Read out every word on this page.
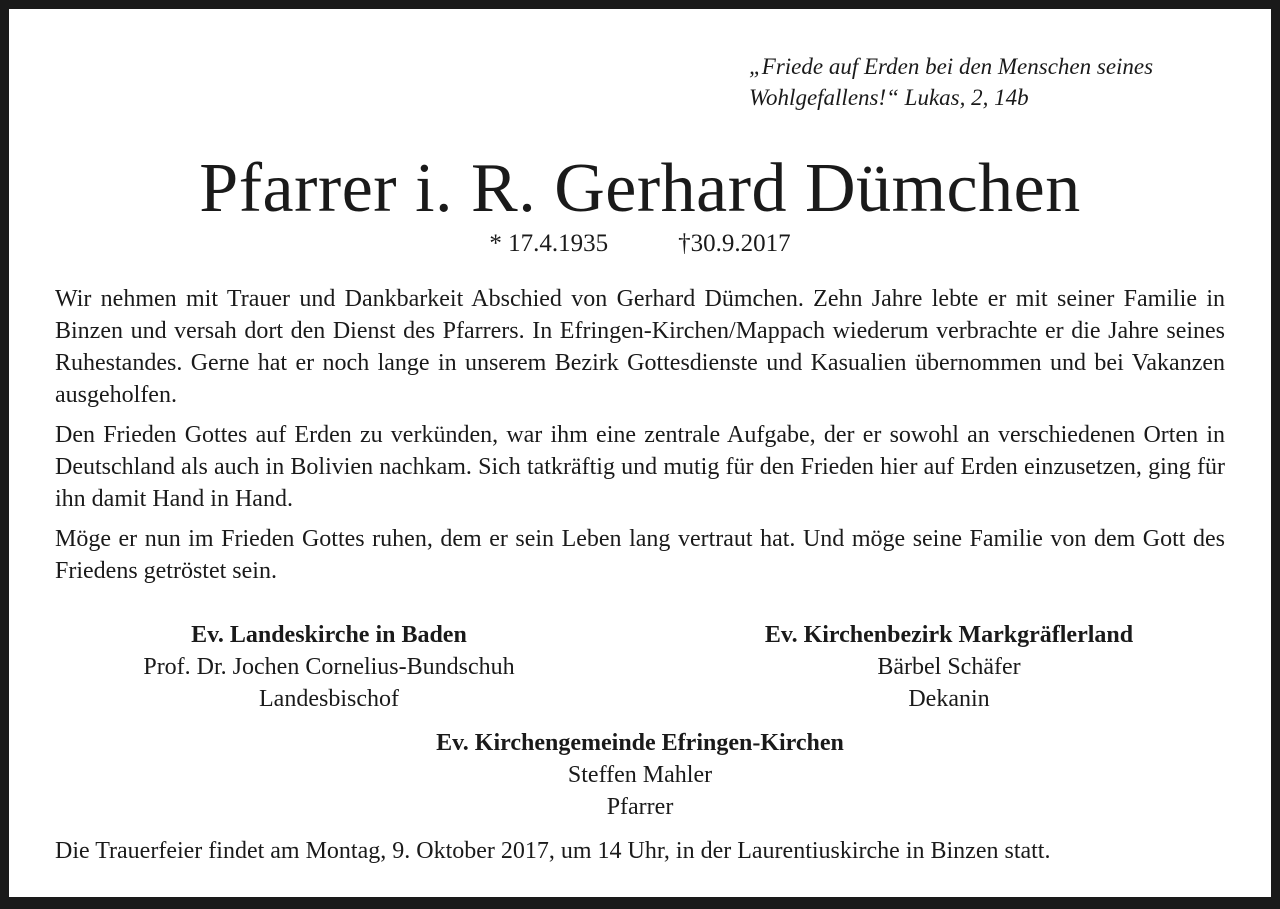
„Friede auf Erden bei den Menschen seines
Wohlgefallens!“ Lukas, 2, 14b
Pfarrer i. R. Gerhard Dümchen
* 17.4.1935	†30.9.2017

Wir nehmen mit Trauer und Dankbarkeit Abschied von Gerhard Dümchen. Zehn Jahre lebte er mit seiner Familie in Binzen und versah dort den Dienst des Pfarrers. In Efringen-Kirchen/Mappach wiederum verbrachte er die Jahre seines Ruhestandes. Gerne hat er noch lange in unserem Bezirk Gottesdienste und Kasualien übernommen und bei Vakanzen ausgeholfen.

Den Frieden Gottes auf Erden zu verkünden, war ihm eine zentrale Aufgabe, der er sowohl an verschiedenen Orten in Deutschland als auch in Bolivien nachkam. Sich tatkräftig und mutig für den Frieden hier auf Erden einzusetzen, ging für ihn damit Hand in Hand.

Möge er nun im Frieden Gottes ruhen, dem er sein Leben lang vertraut hat. Und möge seine Familie von dem Gott des Friedens getröstet sein.

Ev. Landeskirche in Baden
Prof. Dr. Jochen Cornelius-Bundschuh
Landesbischof
Ev. Kirchenbezirk Markgräflerland
Bärbel Schäfer
Dekanin
Ev. Kirchengemeinde Efringen-Kirchen
Steffen Mahler
Pfarrer
Die Trauerfeier findet am Montag, 9. Oktober 2017, um 14 Uhr, in der Laurentiuskirche in Binzen statt.
